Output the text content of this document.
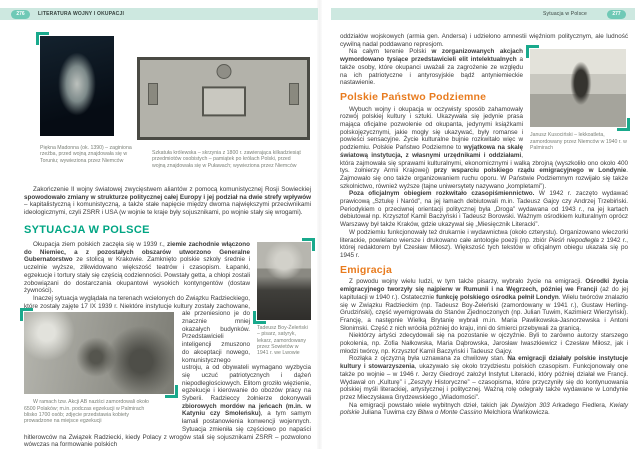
276	LITERATURA WOJNY I OKUPACJI	Sytuacja w Polsce	277
Piękna Madonna (ok. 1390) – zaginiona rzeźba, przed wojną znajdowała się w Toruniu; wywieziona przez Niemców
Szkatuła królewska – skrzynia z 1800 r. zawierająca kilkadziesiąt przedmiotów osobistych – pamiątek po królach Polski, przed wojną znajdowała się w Puławach; wywieziona przez Niemców

Zakończenie II wojny światowej zwycięstwem aliantów z pomocą komunistycznej Rosji Sowieckiej spowodowało zmiany w strukturze politycznej całej Europy i jej podział na dwie strefy wpływów – kapitalistyczną i komunistyczną, a także stałe napięcie między dwoma największymi przeciwnikami ideologicznymi, czyli ZSRR i USA (w wojnie te kraje były sojusznikami, po wojnie stały się wrogami).

SYTUACJA W POLSCE
Tadeusz Boy-Żeleński – pisarz, satyryk, lekarz, zamordowany przez Sowietów w 1941 r. we Lwowie

Okupacja ziem polskich zaczęła się w 1939 r., ziemie zachodnie włączono do Niemiec, a z pozostałych obszarów utworzono Generalne Gubernatorstwo ze stolicą w Krakowie. Zamknięto polskie szkoły średnie i uczelnie wyższe, zlikwidowano większość teatrów i czasopism. Łapanki, egzekucje i tortury stały się częścią codzienności. Powstały getta, a chłopi zostali zobowiązani do dostarczania okupantowi wysokich kontyngentów (dostaw żywności).

Inaczej sytuacja wyglądała na terenach wcielonych do Związku Radzieckiego, które zostały zajęte 17 IX 1939 r. Niektóre instytucje kultury zostały zachowane, ale przeniesiono je do
W ramach tzw. Akcji AB naziści zamordowali około 6500 Polaków; m.in. podczas egzekucji w Palmirach blisko 1700 osób; zdjęcie przedstawia kobiety prowadzone na miejsce egzekucji
znacznie mniej okazałych budynków. Przedstawicieli inteligencji zmuszono do akceptacji nowego, komunistycznego ustroju, a od obywateli wymagano wyzbycia się uczuć patriotycznych i dążeń niepodległościowych. Elitom groziło więzienie, egzekucje i kierowanie do obozów pracy na Syberii. Radzieccy żołnierze dokonywali zbiorowych mordów na jeńcach (m.in. w Katyniu czy Smoleńsku), a tym samym łamali postanowienia konwencji wojennych. Sytuacja zmieniła się częściowo po napaści hitlerowców na Związek Radziecki, kiedy Polacy z wrogów stali się sojusznikami ZSRR – pozwolono wówczas na formowanie polskich

oddziałów wojskowych (armia gen. Andersa) i udzielono amnestii więźniom politycznym, ale ludność cywilną nadal poddawano represjom.

Janusz Kusociński – lekkoatleta, zamordowany przez Niemców w 1940 r. w Palmirach

Na całym terenie Polski w zorganizowanych akcjach wymordowano tysiące przedstawicieli elit intelektualnych a także osoby, które okupanci uważali za zagrożenie ze względu na ich patriotyczne i antyrosyjskie bądź antyniemieckie nastawienie.

Polskie Państwo Podziemne

Wybuch wojny i okupacja w oczywisty sposób zahamowały rozwój polskiej kultury i sztuki. Ukazywała się jedynie prasa mająca oficjalne pozwolenie od okupanta, jedynymi książkami polskojęzycznymi, jakie mogły się ukazywać, były romanse i powieści sensacyjne. Życie kulturalne bujnie rozkwitało więc w podziemiu. Polskie Państwo Podziemne to wyjątkowa na skalę światową instytucja, z własnymi urzędnikami i oddziałami, która zajmowała się sprawami kulturalnymi, ekonomicznymi i walką zbrojną (wyszkoliło ono około 400 tys. żołnierzy Armii Krajowej) przy wsparciu polskiego rządu emigracyjnego w Londynie. Zajmowało się ono także organizowaniem ruchu oporu. W Państwie Podziemnym rozwijało się także szkolnictwo, również wyższe (tajne uniwersytety nazywano „kompletami”).

Poza oficjalnym obiegiem rozkwitało czasopiśmiennictwo. W 1942 r. zaczęto wydawać prawicową „Sztukę i Naród”, na jej łamach debiutowali m.in. Tadeusz Gajcy czy Andrzej Trzebiński. Periodykiem o przeciwnej orientacji politycznej była „Droga” wydawana od 1943 r., na jej kartach debiutował np. Krzysztof Kamil Baczyński i Tadeusz Borowski. Ważnym ośrodkiem kulturalnym oprócz Warszawy był także Kraków, gdzie ukazywał się „Miesięcznik Literacki”.

W podziemiu funkcjonowały też drukarnie i wydawnictwa (około czterystu). Organizowano wieczorki literackie, powielano wiersze i drukowano całe antologie poezji (np. zbiór Pieśń niepodległa z 1942 r., której redaktorem był Czesław Miłosz). Większość tych tekstów w oficjalnym obiegu ukazała się po 1945 r.

Emigracja

Z powodu wojny wielu ludzi, w tym także pisarzy, wybrało życie na emigracji. Ośrodki życia emigracyjnego tworzyły się najpierw w Rumunii i na Węgrzech, później we Francji (aż do jej kapitulacji w 1940 r.). Ostatecznie funkcję polskiego ośrodka pełnił Londyn. Wielu twórców znalazło się w Związku Radzieckim (np. Tadeusz Boy-Żeleński (zamordowany w 1941 r.), Gustaw Herling-Grudziński), część wyemigrowała do Stanów Zjednoczonych (np. Julian Tuwim, Kazimierz Wierzyński). Francję, a następnie Wielką Brytanię wybrali m.in. Maria Pawlikowska-Jasnorzewska i Antoni Słonimski. Część z nich wróciła później do kraju, inni do śmierci przebywali za granicą.

Niektórzy artyści zdecydowali się na pozostanie w ojczyźnie. Byli to zarówno autorzy starszego pokolenia, np. Zofia Nałkowska, Maria Dąbrowska, Jarosław Iwaszkiewicz i Czesław Miłosz, jak i młodzi twórcy, np. Krzysztof Kamil Baczyński i Tadeusz Gajcy.

Rozłąka z ojczyzną była uznawana za chwilowy stan. Na emigracji działały polskie instytucje kultury i stowarzyszenia, ukazywało się około trzydziestu polskich czasopism. Funkcjonowały one także po wojnie – w 1946 r. Jerzy Giedroyć założył Instytut Literacki, który później działał we Francji. Wydawał on „Kulturę” i „Zeszyty Historyczne” – czasopisma, które przyczyniły się do kontynuowania polskiej myśli literackiej, artystycznej i politycznej. Ważną rolę odegrały także wydawane w Londynie przez Mieczysława Grydzewskiego „Wiadomości”.

Na emigracji powstało wiele wybitnych dzieł, takich jak Dywizjon 303 Arkadego Fiedlera, Kwiaty polskie Juliana Tuwima czy Bitwa o Monte Cassino Melchiora Wańkowicza.
